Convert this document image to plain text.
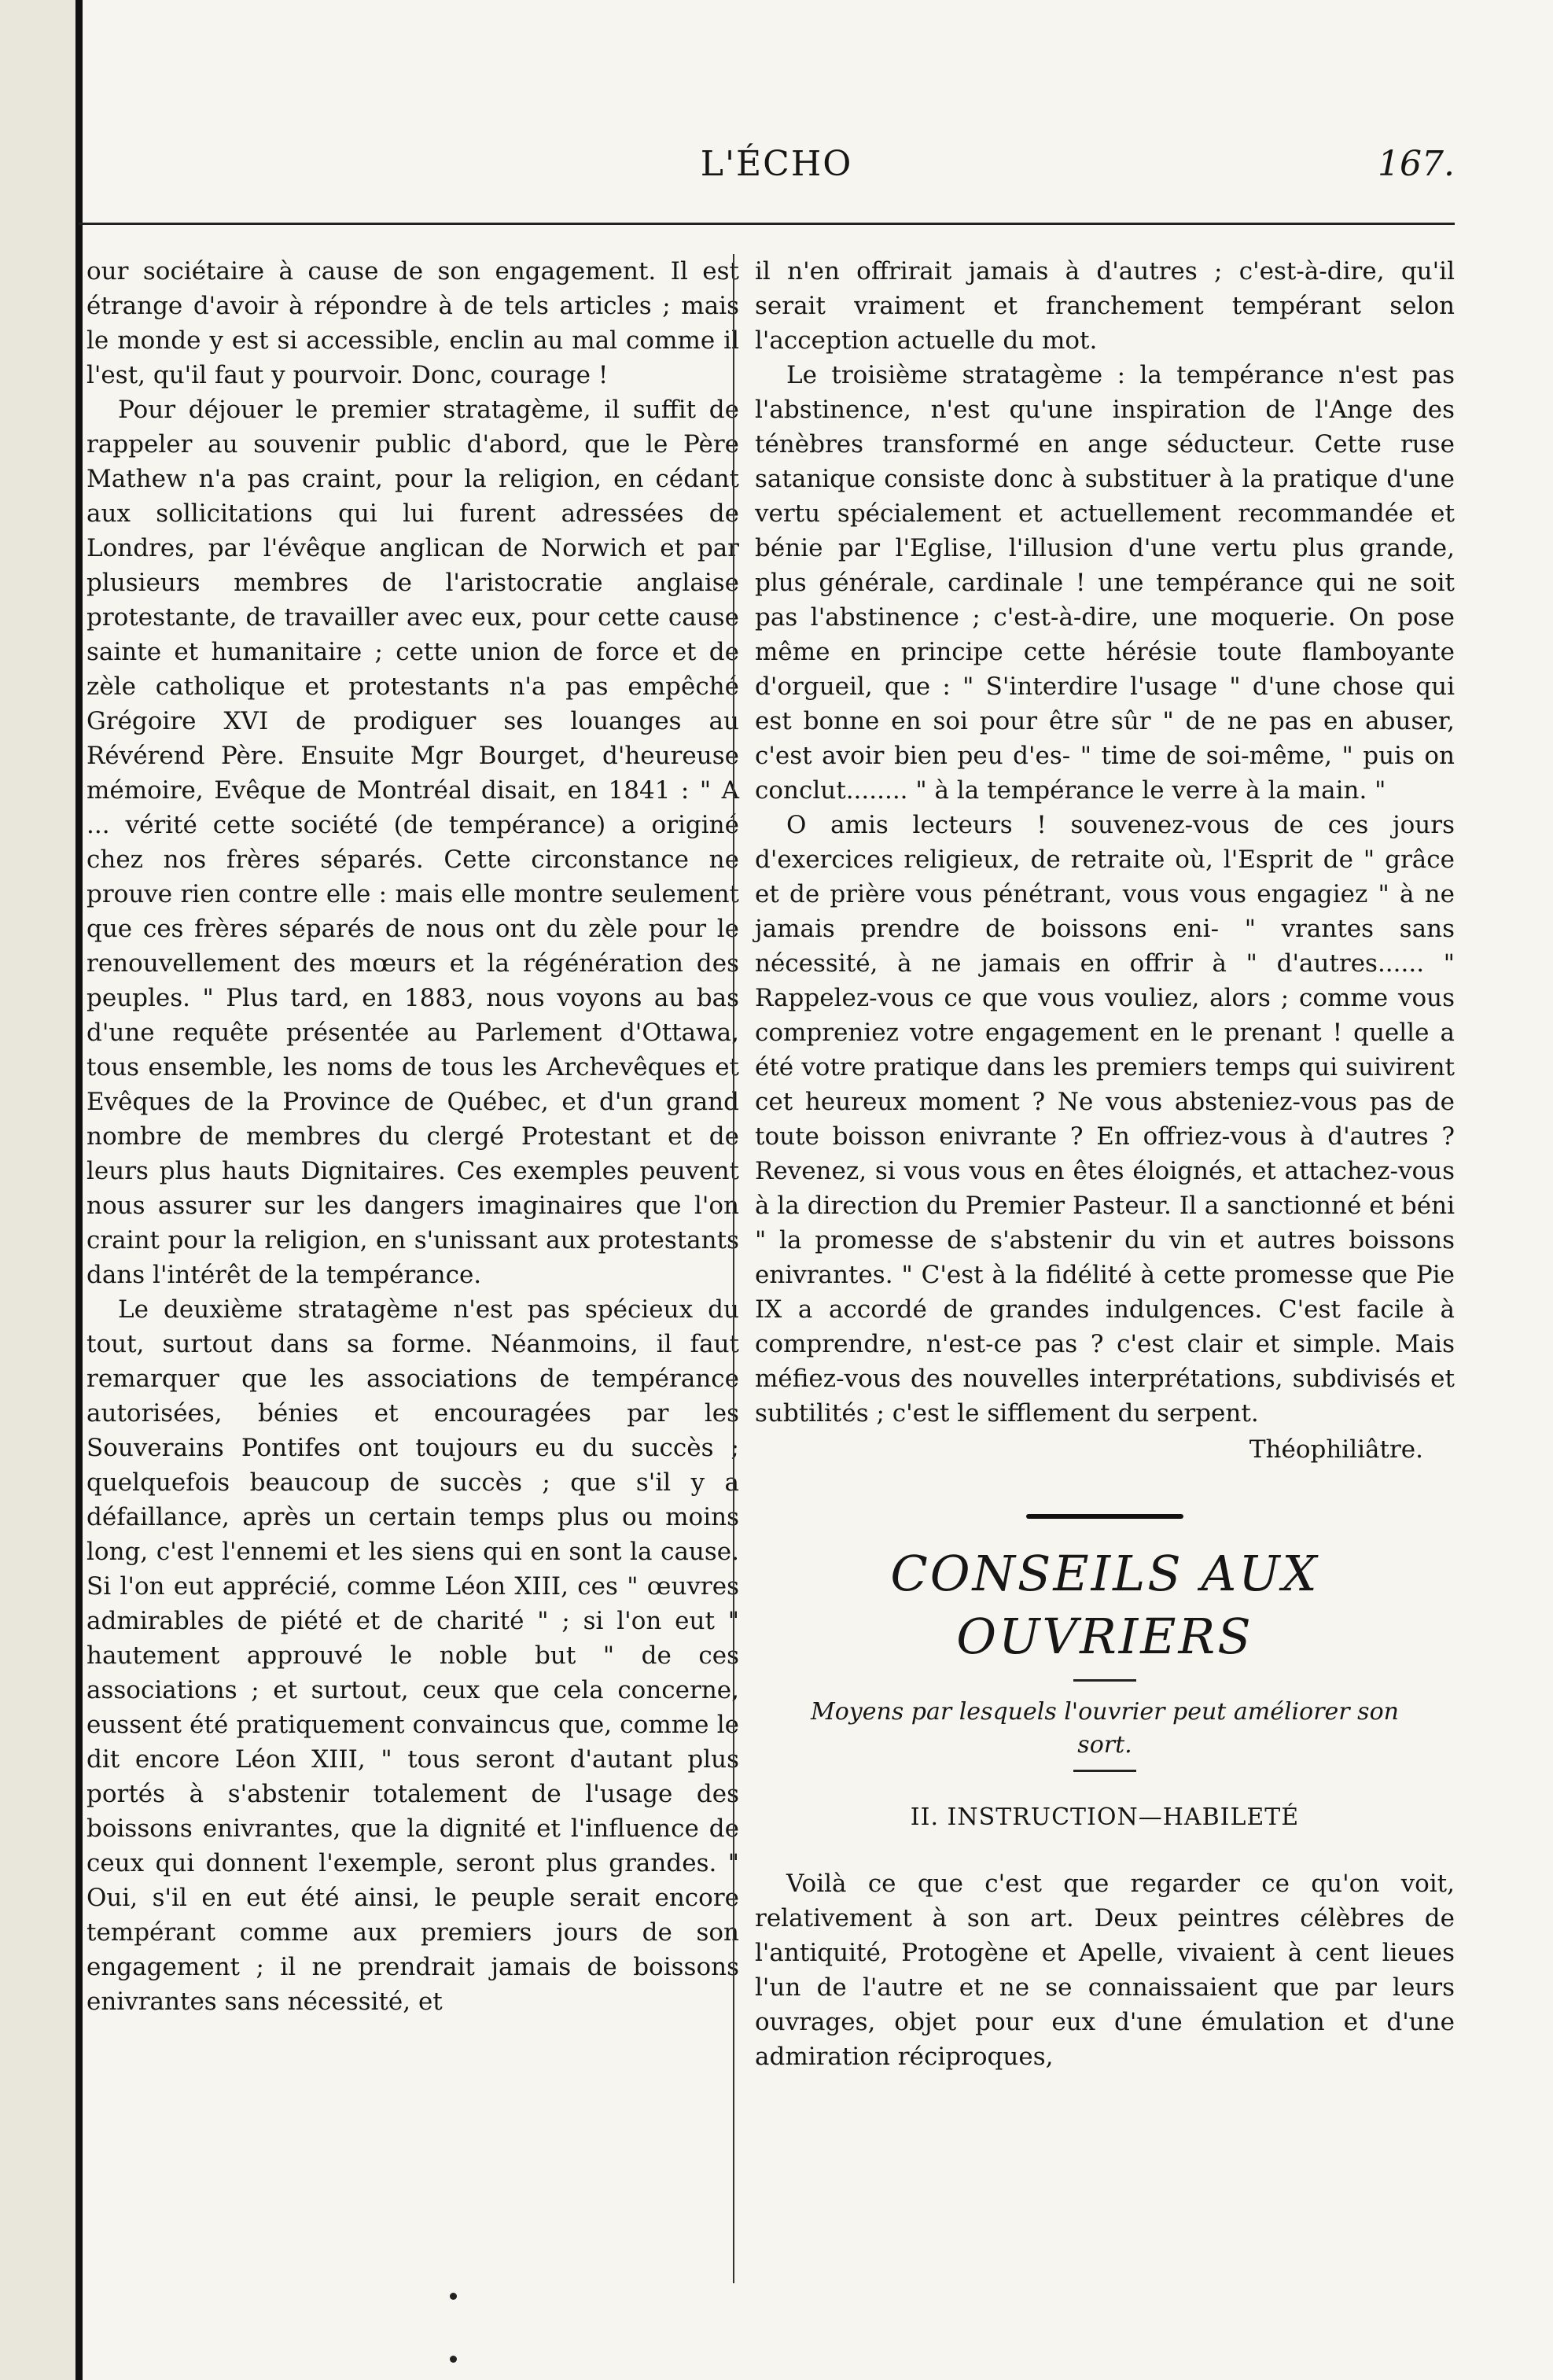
L'ÉCHO	167.

our sociétaire à cause de son engagement. Il est étrange d'avoir à répondre à de tels articles ; mais le monde y est si accessible, enclin au mal comme il l'est, qu'il faut y pourvoir. Donc, courage !

Pour déjouer le premier stratagème, il suffit de rappeler au souvenir public d'abord, que le Père Mathew n'a pas craint, pour la religion, en cédant aux sollicitations qui lui furent adressées de Londres, par l'évêque anglican de Norwich et par plusieurs membres de l'aristocratie anglaise protestante, de travailler avec eux, pour cette cause sainte et humanitaire ; cette union de force et de zèle catholique et protestants n'a pas empêché Grégoire XVI de prodiguer ses louanges au Révérend Père. Ensuite Mgr Bourget, d'heureuse mémoire, Evêque de Montréal disait, en 1841 : " A ... vérité cette société (de tempérance) a originé chez nos frères séparés. Cette circonstance ne prouve rien contre elle : mais elle montre seulement que ces frères séparés de nous ont du zèle pour le renouvellement des mœurs et la régénération des peuples. " Plus tard, en 1883, nous voyons au bas d'une requête présentée au Parlement d'Ottawa, tous ensemble, les noms de tous les Archevêques et Evêques de la Province de Québec, et d'un grand nombre de membres du clergé Protestant et de leurs plus hauts Dignitaires. Ces exemples peuvent nous assurer sur les dangers imaginaires que l'on craint pour la religion, en s'unissant aux protestants dans l'intérêt de la tempérance.

Le deuxième stratagème n'est pas spécieux du tout, surtout dans sa forme. Néanmoins, il faut remarquer que les associations de tempérance autorisées, bénies et encouragées par les Souverains Pontifes ont toujours eu du succès ; quelquefois beaucoup de succès ; que s'il y a défaillance, après un certain temps plus ou moins long, c'est l'ennemi et les siens qui en sont la cause. Si l'on eut apprécié, comme Léon XIII, ces " œuvres admirables de piété et de charité " ; si l'on eut " hautement approuvé le noble but " de ces associations ; et surtout, ceux que cela concerne, eussent été pratiquement convaincus que, comme le dit encore Léon XIII, " tous seront d'autant plus portés à s'abstenir totalement de l'usage des boissons enivrantes, que la dignité et l'influence de ceux qui donnent l'exemple, seront plus grandes. " Oui, s'il en eut été ainsi, le peuple serait encore tempérant comme aux premiers jours de son engagement ; il ne prendrait jamais de boissons enivrantes sans nécessité, et

il n'en offrirait jamais à d'autres ; c'est-à-dire, qu'il serait vraiment et franchement tempérant selon l'acception actuelle du mot.

Le troisième stratagème : la tempérance n'est pas l'abstinence, n'est qu'une inspiration de l'Ange des ténèbres transformé en ange séducteur. Cette ruse satanique consiste donc à substituer à la pratique d'une vertu spécialement et actuellement recommandée et bénie par l'Eglise, l'illusion d'une vertu plus grande, plus générale, cardinale ! une tempérance qui ne soit pas l'abstinence ; c'est-à-dire, une moquerie. On pose même en principe cette hérésie toute flamboyante d'orgueil, que : " S'interdire l'usage " d'une chose qui est bonne en soi pour être sûr " de ne pas en abuser, c'est avoir bien peu d'es- " time de soi-même, " puis on conclut........ " à la tempérance le verre à la main. "

O amis lecteurs ! souvenez-vous de ces jours d'exercices religieux, de retraite où, l'Esprit de " grâce et de prière vous pénétrant, vous vous engagiez " à ne jamais prendre de boissons eni- " vrantes sans nécessité, à ne jamais en offrir à " d'autres...... " Rappelez-vous ce que vous vouliez, alors ; comme vous compreniez votre engagement en le prenant ! quelle a été votre pratique dans les premiers temps qui suivirent cet heureux moment ? Ne vous absteniez-vous pas de toute boisson enivrante ? En offriez-vous à d'autres ? Revenez, si vous vous en êtes éloignés, et attachez-vous à la direction du Premier Pasteur. Il a sanctionné et béni " la promesse de s'abstenir du vin et autres boissons enivrantes. " C'est à la fidélité à cette promesse que Pie IX a accordé de grandes indulgences. C'est facile à comprendre, n'est-ce pas ? c'est clair et simple. Mais méfiez-vous des nouvelles interprétations, subdivisés et subtilités ; c'est le sifflement du serpent.

Théophiliâtre.

CONSEILS AUX OUVRIERS
Moyens par lesquels l'ouvrier peut améliorer son sort.
II. INSTRUCTION—HABILETÉ

Voilà ce que c'est que regarder ce qu'on voit, relativement à son art. Deux peintres célèbres de l'antiquité, Protogène et Apelle, vivaient à cent lieues l'un de l'autre et ne se connaissaient que par leurs ouvrages, objet pour eux d'une émulation et d'une admiration réciproques,
